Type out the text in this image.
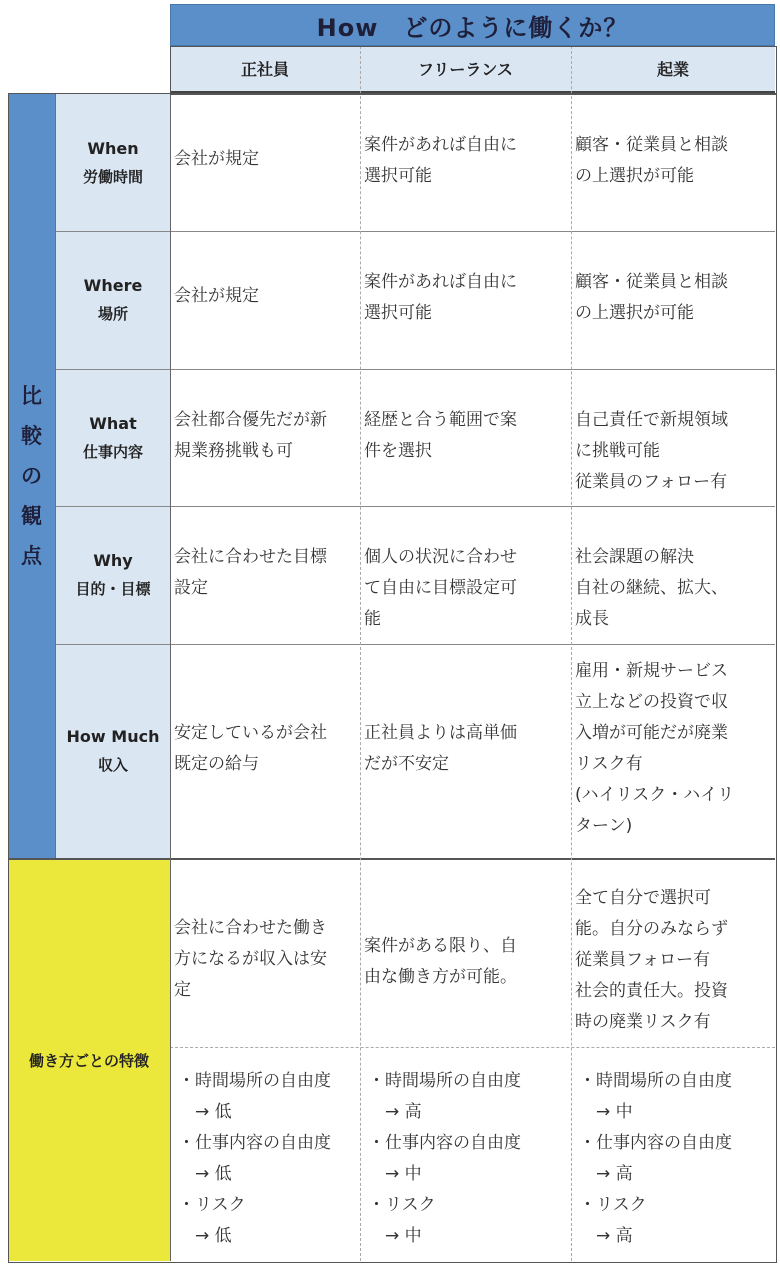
How　どのように働くか？
正社員	フリーランス	起業
比
較
の
観
点
働き方ごとの特徴
When
労働時間
会社が規定
案件があれば自由に
選択可能
顧客・従業員と相談
の上選択が可能
Where
場所
会社が規定
案件があれば自由に
選択可能
顧客・従業員と相談
の上選択が可能
What
仕事内容
会社都合優先だが新
規業務挑戦も可
経歴と合う範囲で案
件を選択
自己責任で新規領域
に挑戦可能
従業員のフォロー有
Why
目的・目標
会社に合わせた目標
設定
個人の状況に合わせ
て自由に目標設定可
能
社会課題の解決
自社の継続、拡大、
成長
How Much
収入
安定しているが会社
既定の給与
正社員よりは高単価
だが不安定
雇用・新規サービス
立上などの投資で収
入増が可能だが廃業
リスク有
(ハイリスク・ハイリ
ターン)
会社に合わせた働き
方になるが収入は安
定
案件がある限り、自
由な働き方が可能。
全て自分で選択可
能。自分のみならず
従業員フォロー有
社会的責任大。投資
時の廃業リスク有
・時間場所の自由度
　→ 低
・仕事内容の自由度
　→ 低
・リスク
　→ 低
・時間場所の自由度
　→ 高
・仕事内容の自由度
　→ 中
・リスク
　→ 中
・時間場所の自由度
　→ 中
・仕事内容の自由度
　→ 高
・リスク
　→ 高
